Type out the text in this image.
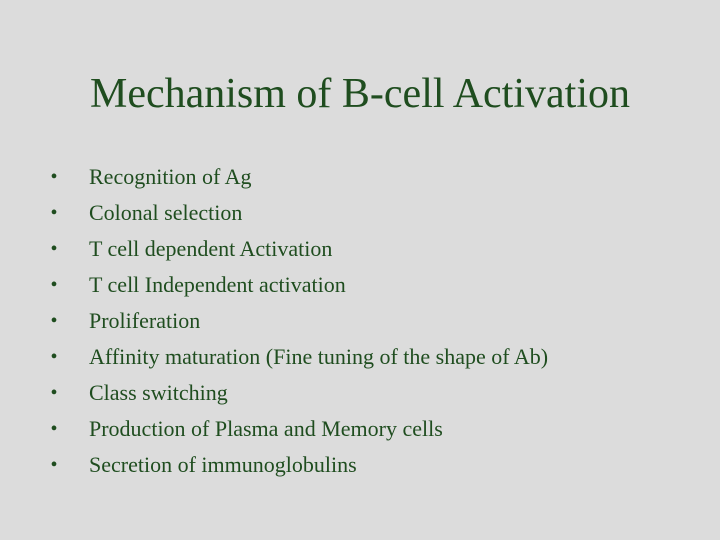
Mechanism of B-cell Activation
• Recognition of Ag
• Colonal selection
• T cell dependent Activation
• T cell Independent activation
• Proliferation
• Affinity maturation (Fine tuning of the shape of Ab)
• Class switching
• Production of Plasma and Memory cells
• Secretion of immunoglobulins
